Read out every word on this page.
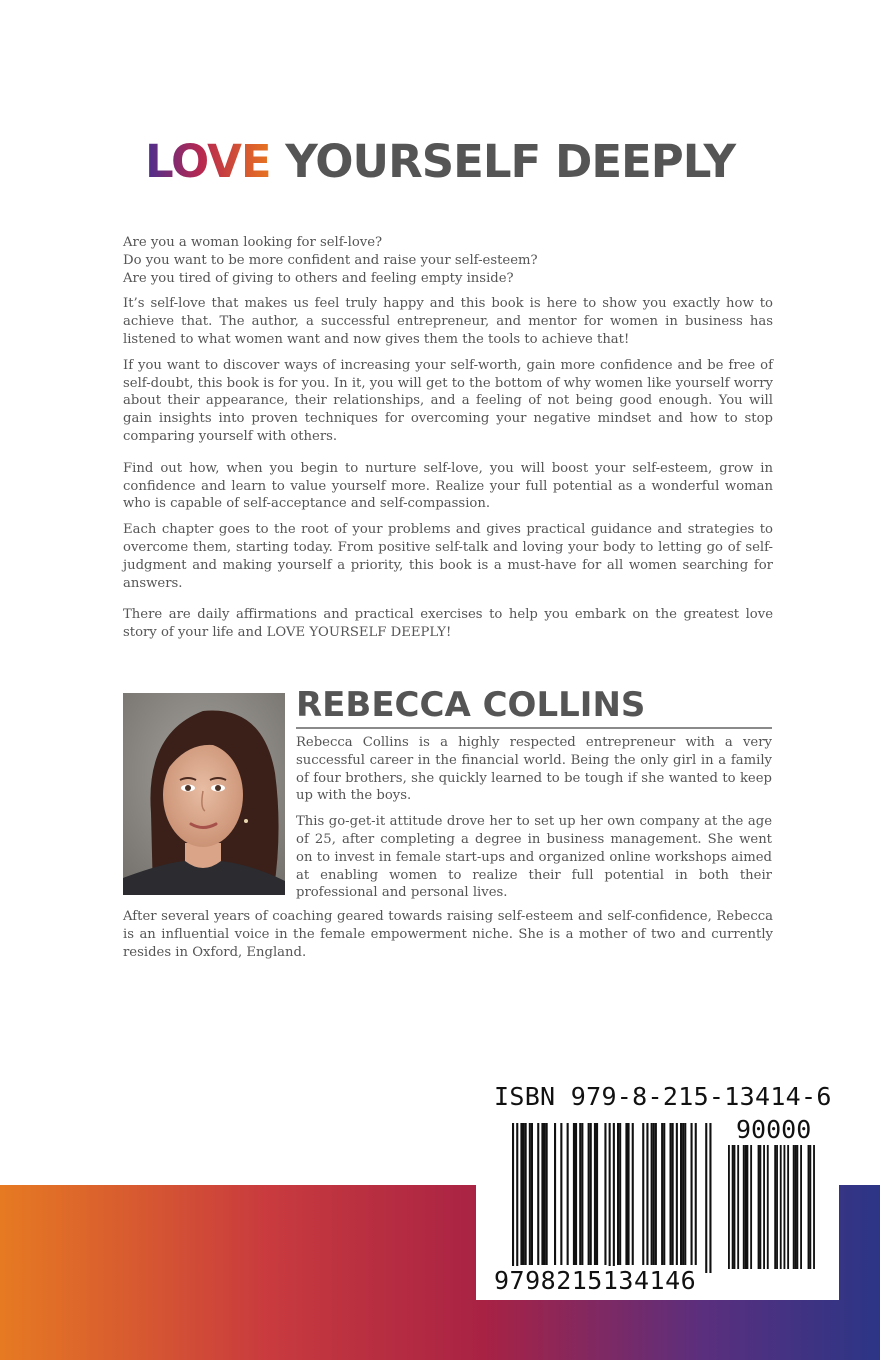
LOVE YOURSELF DEEPLY

Are you a woman looking for self-love?
Do you want to be more confident and raise your self-esteem?
Are you tired of giving to others and feeling empty inside?

It’s self-love that makes us feel truly happy and this book is here to show you exactly how to achieve that. The author, a successful entrepreneur, and mentor for women in business has listened to what women want and now gives them the tools to achieve that!

If you want to discover ways of increasing your self-worth, gain more confidence and be free of self-doubt, this book is for you. In it, you will get to the bottom of why women like yourself worry about their appearance, their relationships, and a feeling of not being good enough. You will gain insights into proven techniques for overcoming your negative mindset and how to stop comparing yourself with others.

Find out how, when you begin to nurture self-love, you will boost your self-esteem, grow in confidence and learn to value yourself more. Realize your full potential as a wonderful woman who is capable of self-acceptance and self-compassion.

Each chapter goes to the root of your problems and gives practical guidance and strategies to overcome them, starting today. From positive self-talk and loving your body to letting go of self-judgment and making yourself a priority, this book is a must-have for all women searching for answers.

There are daily affirmations and practical exercises to help you embark on the greatest love story of your life and LOVE YOURSELF DEEPLY!

REBECCA COLLINS

Rebecca Collins is a highly respected entrepreneur with a very successful career in the financial world. Being the only girl in a family of four brothers, she quickly learned to be tough if she wanted to keep up with the boys.

This go-get-it attitude drove her to set up her own company at the age of 25, after completing a degree in business management. She went on to invest in female start-ups and organized online workshops aimed at enabling women to realize their full potential in both their professional and personal lives.

After several years of coaching geared towards raising self-esteem and self-confidence, Rebecca is an influential voice in the female empowerment niche. She is a mother of two and currently resides in Oxford, England.

ISBN 979-8-215-13414-6
90000
9798215134146
